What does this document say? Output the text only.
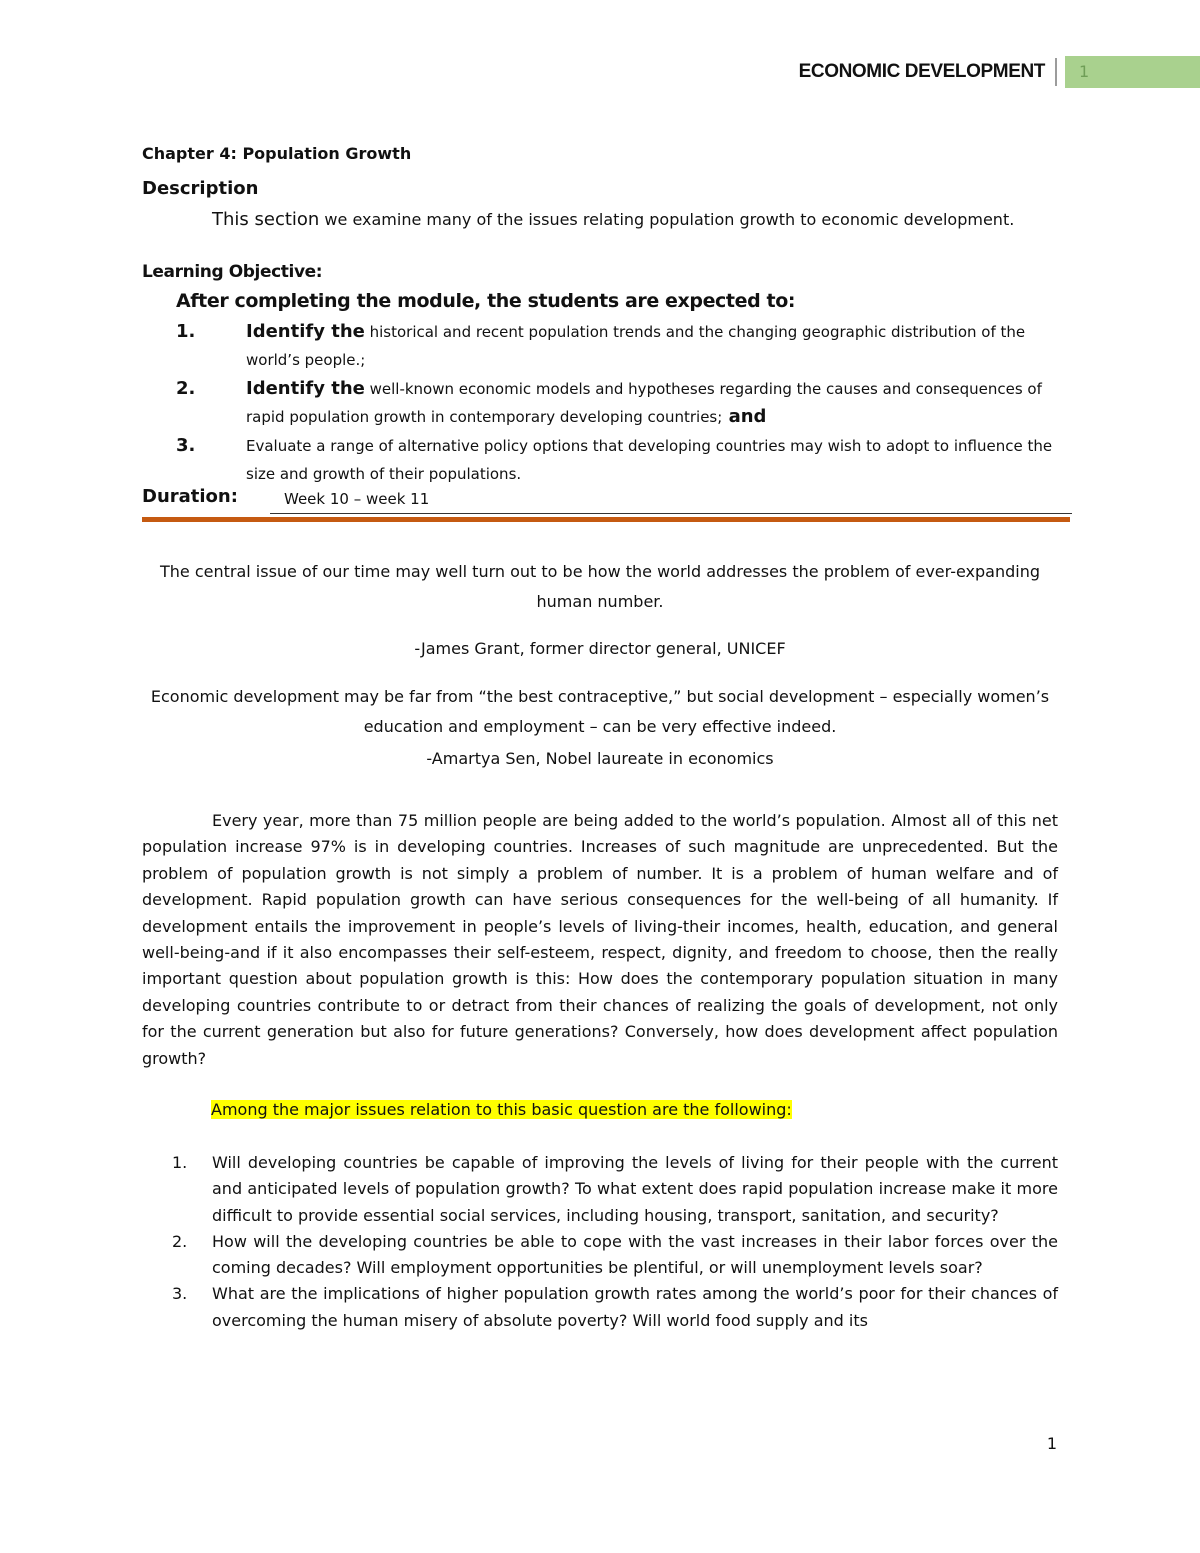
ECONOMIC DEVELOPMENT	1
Chapter 4: Population Growth
Description
This section we examine many of the issues relating population growth to economic development.
Learning Objective:
After completing the module, the students are expected to:
1.	Identify the historical and recent population trends and the changing geographic distribution of the world’s people.;
2.	Identify the well-known economic models and hypotheses regarding the causes and consequences of rapid population growth in contemporary developing countries; and
3.	Evaluate a range of alternative policy options that developing countries may wish to adopt to influence the size and growth of their populations.
Duration:	Week 10 – week 11
The central issue of our time may well turn out to be how the world addresses the problem of ever-expanding human number.
-James Grant, former director general, UNICEF
Economic development may be far from “the best contraceptive,” but social development – especially women’s education and employment – can be very effective indeed.
-Amartya Sen, Nobel laureate in economics
Every year, more than 75 million people are being added to the world’s population. Almost all of this net population increase 97% is in developing countries. Increases of such magnitude are unprecedented. But the problem of population growth is not simply a problem of number. It is a problem of human welfare and of development. Rapid population growth can have serious consequences for the well-being of all humanity. If development entails the improvement in people’s levels of living-their incomes, health, education, and general well-being-and if it also encompasses their self-esteem, respect, dignity, and freedom to choose, then the really important question about population growth is this: How does the contemporary population situation in many developing countries contribute to or detract from their chances of realizing the goals of development, not only for the current generation but also for future generations? Conversely, how does development affect population growth?
Among the major issues relation to this basic question are the following:
1. Will developing countries be capable of improving the levels of living for their people with the current and anticipated levels of population growth? To what extent does rapid population increase make it more difficult to provide essential social services, including housing, transport, sanitation, and security?
2. How will the developing countries be able to cope with the vast increases in their labor forces over the coming decades? Will employment opportunities be plentiful, or will unemployment levels soar?
3. What are the implications of higher population growth rates among the world’s poor for their chances of overcoming the human misery of absolute poverty? Will world food supply and its
1
